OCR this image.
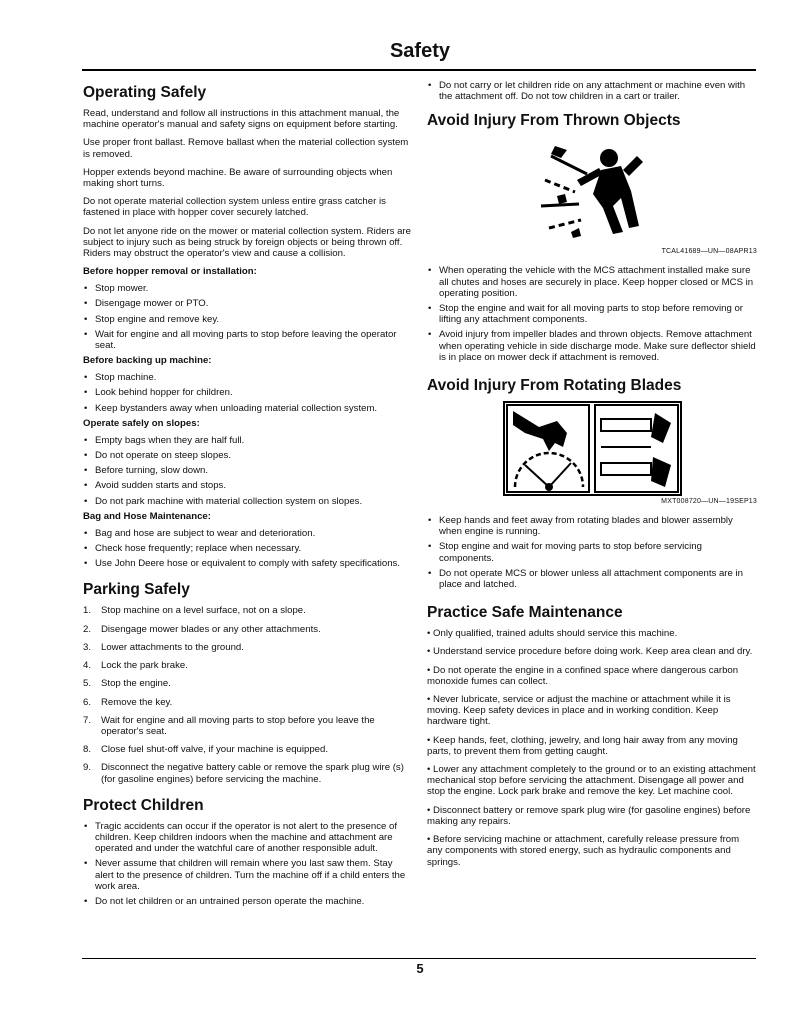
Safety
Operating Safely

Read, understand and follow all instructions in this attachment manual, the machine operator's manual and safety signs on equipment before starting.

Use proper front ballast. Remove ballast when the material collection system is removed.

Hopper extends beyond machine. Be aware of surrounding objects when making short turns.

Do not operate material collection system unless entire grass catcher is fastened in place with hopper cover securely latched.

Do not let anyone ride on the mower or material collection system. Riders are subject to injury such as being struck by foreign objects or being thrown off. Riders may obstruct the operator's view and cause a collision.

Before hopper removal or installation:
• Stop mower.
• Disengage mower or PTO.
• Stop engine and remove key.
• Wait for engine and all moving parts to stop before leaving the operator seat.
Before backing up machine:
• Stop machine.
• Look behind hopper for children.
• Keep bystanders away when unloading material collection system.
Operate safely on slopes:
• Empty bags when they are half full.
• Do not operate on steep slopes.
• Before turning, slow down.
• Avoid sudden starts and stops.
• Do not park machine with material collection system on slopes.
Bag and Hose Maintenance:
• Bag and hose are subject to wear and deterioration.
• Check hose frequently; replace when necessary.
• Use John Deere hose or equivalent to comply with safety specifications.
Parking Safely
1. Stop machine on a level surface, not on a slope.
2. Disengage mower blades or any other attachments.
3. Lower attachments to the ground.
4. Lock the park brake.
5. Stop the engine.
6. Remove the key.
7. Wait for engine and all moving parts to stop before you leave the operator's seat.
8. Close fuel shut-off valve, if your machine is equipped.
9. Disconnect the negative battery cable or remove the spark plug wire (s) (for gasoline engines) before servicing the machine.
Protect Children
• Tragic accidents can occur if the operator is not alert to the presence of children. Keep children indoors when the machine and attachment are operated and under the watchful care of another responsible adult.
• Never assume that children will remain where you last saw them. Stay alert to the presence of children. Turn the machine off if a child enters the work area.
• Do not let children or an untrained person operate the machine.
• Do not carry or let children ride on any attachment or machine even with the attachment off. Do not tow children in a cart or trailer.
Avoid Injury From Thrown Objects
TCAL41689—UN—08APR13
• When operating the vehicle with the MCS attachment installed make sure all chutes and hoses are securely in place. Keep hopper closed or MCS in operating position.
• Stop the engine and wait for all moving parts to stop before removing or lifting any attachment components.
• Avoid injury from impeller blades and thrown objects. Remove attachment when operating vehicle in side discharge mode. Make sure deflector shield is in place on mower deck if attachment is removed.
Avoid Injury From Rotating Blades
MXT008720—UN—19SEP13
• Keep hands and feet away from rotating blades and blower assembly when engine is running.
• Stop engine and wait for moving parts to stop before servicing components.
• Do not operate MCS or blower unless all attachment components are in place and latched.
Practice Safe Maintenance

• Only qualified, trained adults should service this machine.

• Understand service procedure before doing work. Keep area clean and dry.

• Do not operate the engine in a confined space where dangerous carbon monoxide fumes can collect.

• Never lubricate, service or adjust the machine or attachment while it is moving. Keep safety devices in place and in working condition. Keep hardware tight.

• Keep hands, feet, clothing, jewelry, and long hair away from any moving parts, to prevent them from getting caught.

• Lower any attachment completely to the ground or to an existing attachment mechanical stop before servicing the attachment. Disengage all power and stop the engine. Lock park brake and remove the key. Let machine cool.

• Disconnect battery or remove spark plug wire (for gasoline engines) before making any repairs.

• Before servicing machine or attachment, carefully release pressure from any components with stored energy, such as hydraulic components and springs.

5
